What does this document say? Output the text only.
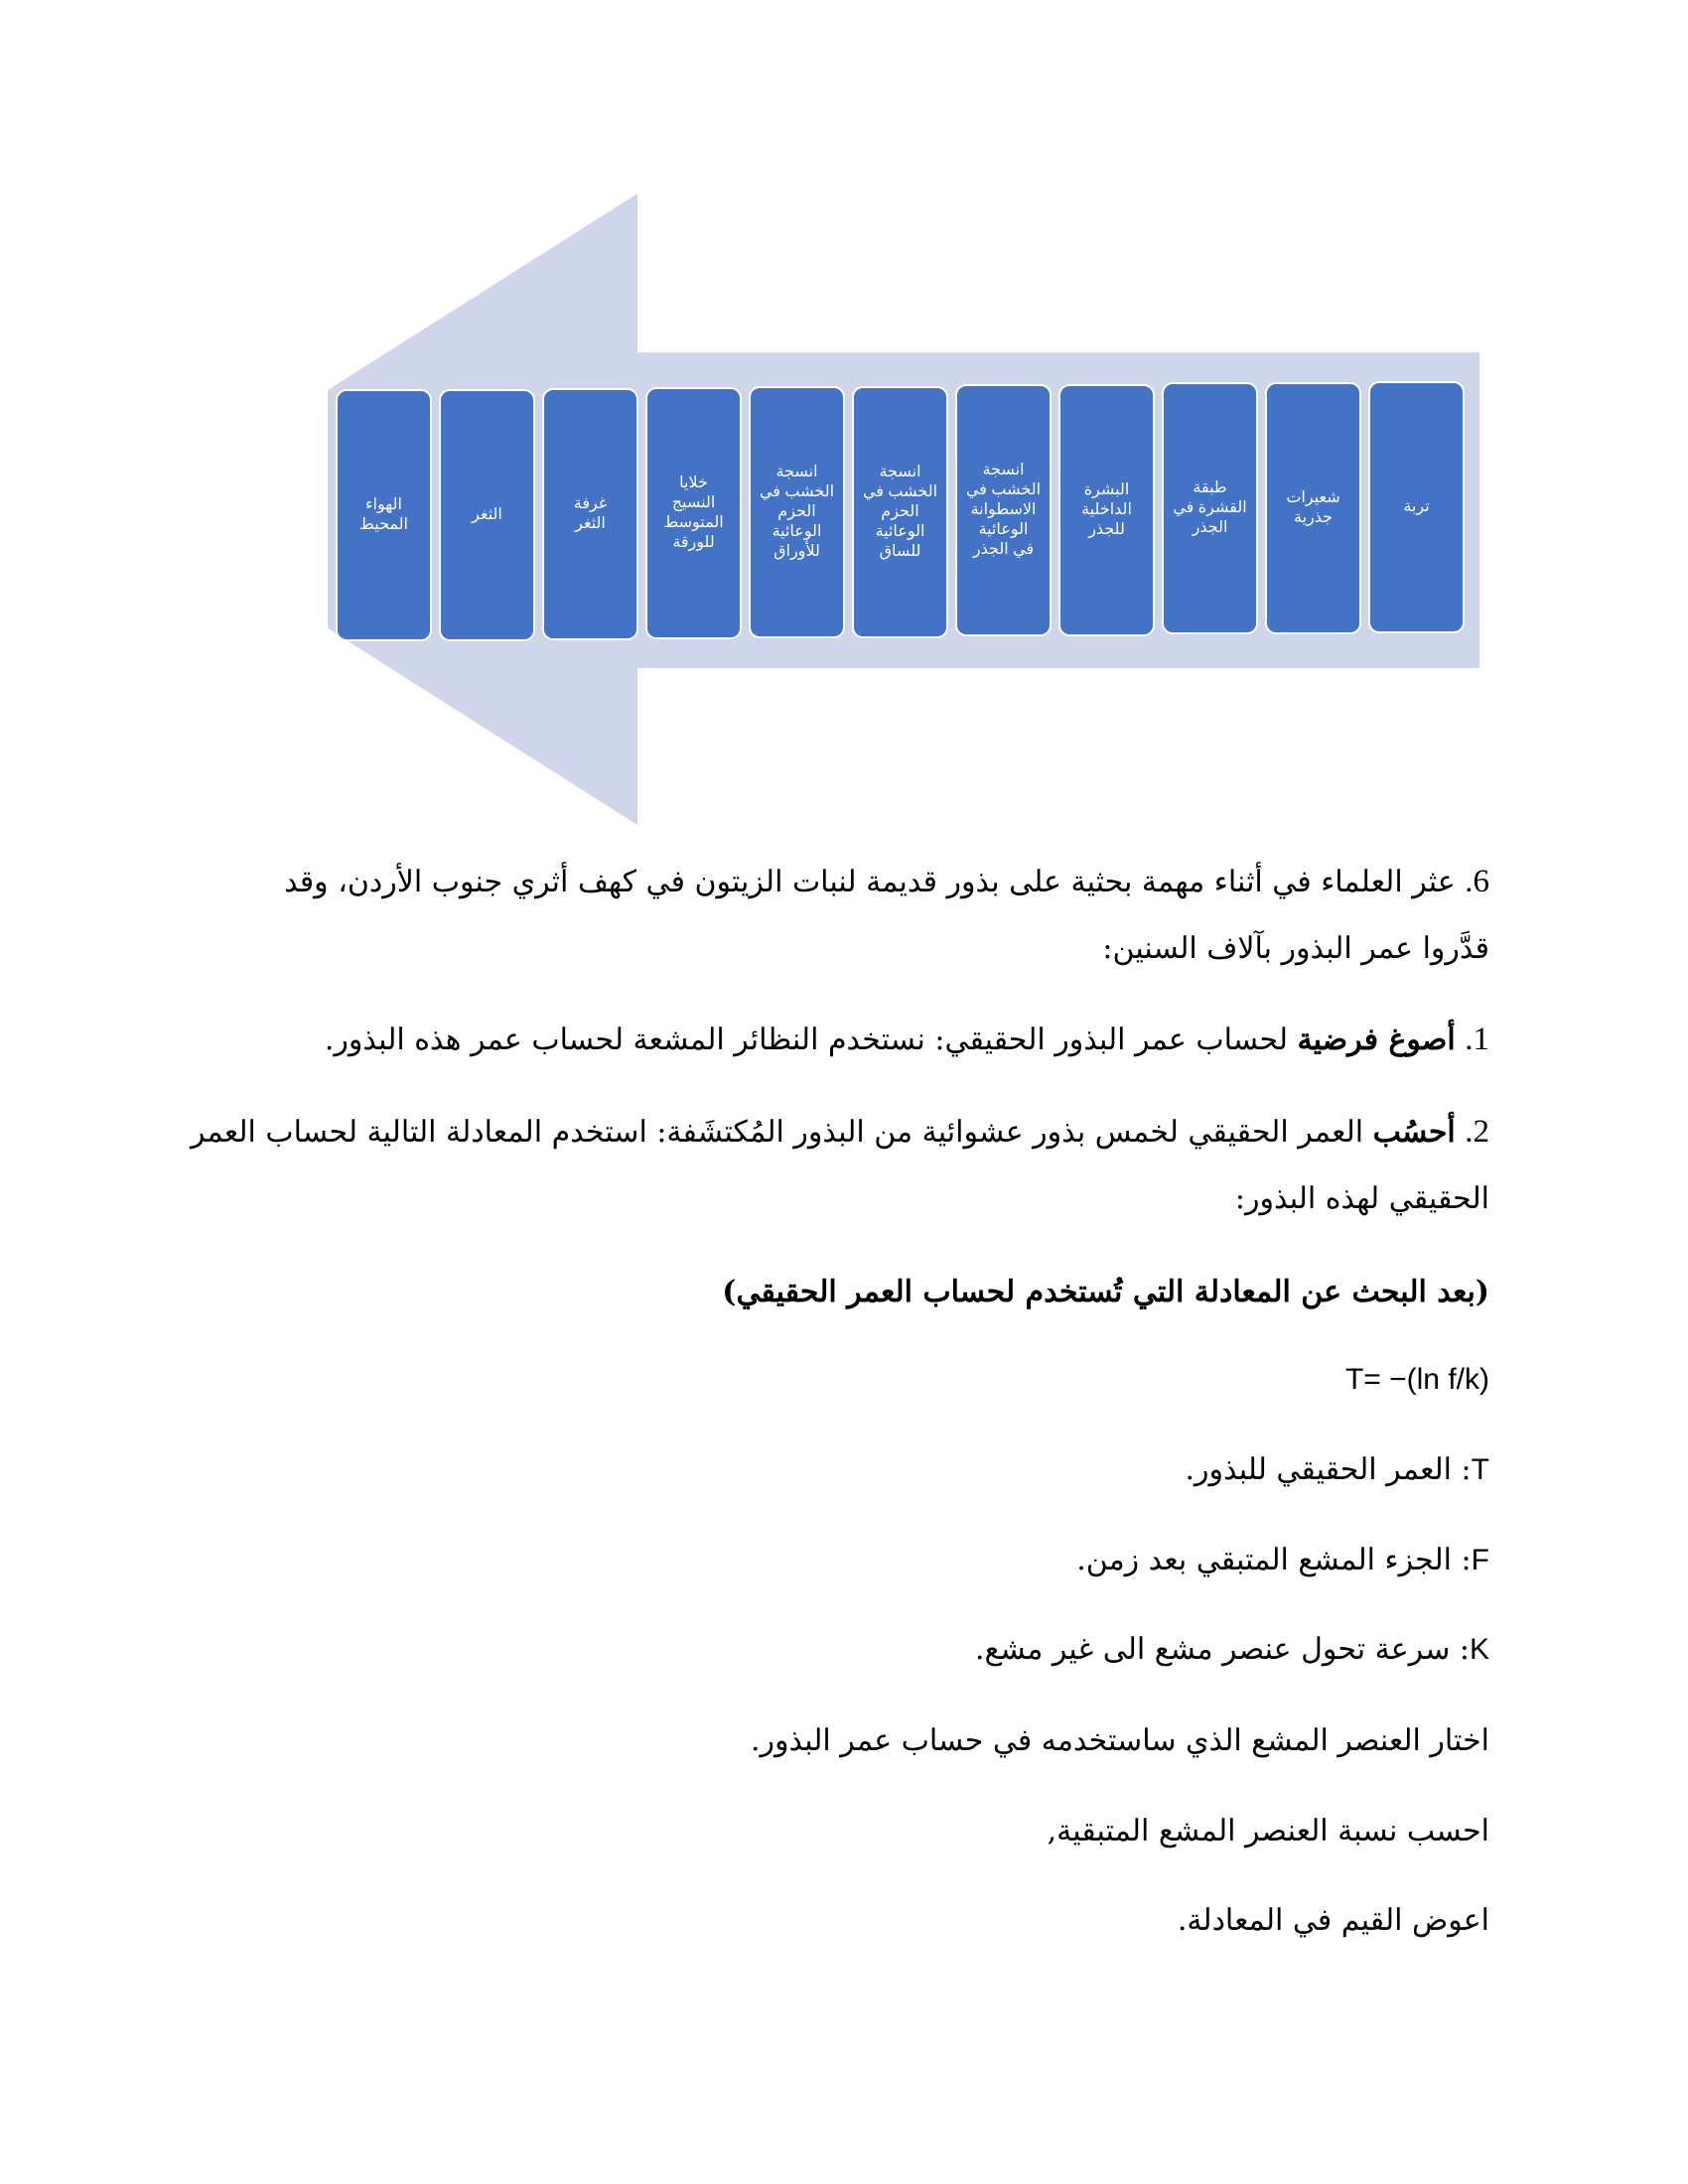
الهواء
المحيط
الثغر
غرفة
الثغر
خلايا
النسيج
المتوسط
للورقة
انسجة
الخشب في
الحزم
الوعائية
للأوراق
انسجة
الخشب في
الحزم
الوعائية
للساق
انسجة
الخشب في
الاسطوانة
الوعائية
في الجذر
البشرة
الداخلية
للجذر
طبقة
القشرة في
الجذر
شعيرات
جذرية
تربة
6. عثر العلماء في أثناء مهمة بحثية على بذور قديمة لنبات الزيتون في كهف أثري جنوب الأردن، وقد
قدَّروا عمر البذور بآلاف السنين:
1. أصوغ فرضية لحساب عمر البذور الحقيقي: نستخدم النظائر المشعة لحساب عمر هذه البذور.
2. أحسُب العمر الحقيقي لخمس بذور عشوائية من البذور المُكتشَفة: استخدم المعادلة التالية لحساب العمر
الحقيقي لهذه البذور:
(بعد البحث عن المعادلة التي تُستخدم لحساب العمر الحقيقي)
T= −(ln f/k)
T: العمر الحقيقي للبذور.
F: الجزء المشع المتبقي بعد زمن.
K: سرعة تحول عنصر مشع الى غير مشع.
اختار العنصر المشع الذي ساستخدمه في حساب عمر البذور.
احسب نسبة العنصر المشع المتبقية,
اعوض القيم في المعادلة.
